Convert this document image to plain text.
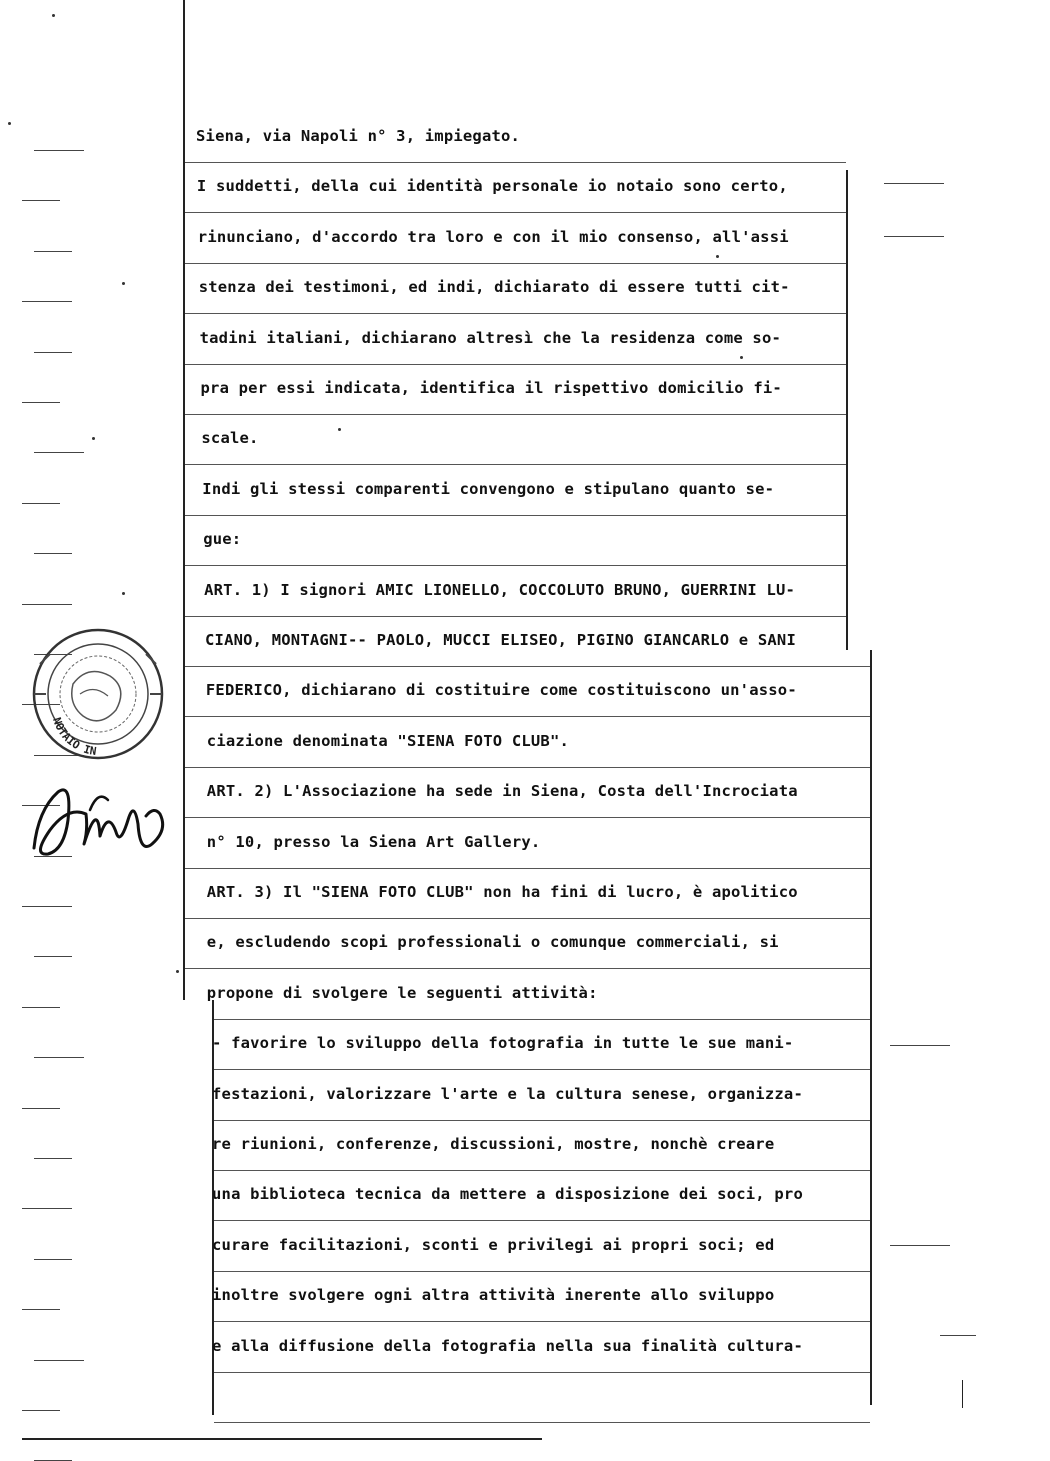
Siena, via Napoli n° 3, impiegato.

I suddetti, della cui identità personale io notaio sono certo,

rinunciano, d'accordo tra loro e con il mio consenso, all'assi

stenza dei testimoni, ed indi, dichiarato di essere tutti cit-

tadini italiani, dichiarano altresì che la residenza come so-

pra per essi indicata, identifica il rispettivo domicilio fi-

scale.

Indi gli stessi comparenti convengono e stipulano quanto se-

gue:

ART. 1) I signori AMIC LIONELLO, COCCOLUTO BRUNO, GUERRINI LU-

CIANO, MONTAGNI-- PAOLO, MUCCI ELISEO, PIGINO GIANCARLO e SANI

FEDERICO, dichiarano di costituire come costituiscono un'asso-

ciazione denominata "SIENA FOTO CLUB".

ART. 2) L'Associazione ha sede in Siena, Costa dell'Incrociata

n° 10, presso la Siena Art Gallery.

ART. 3) Il "SIENA FOTO CLUB" non ha fini di lucro, è apolitico

e, escludendo scopi professionali o comunque commerciali, si

propone di svolgere le seguenti attività:

- favorire lo sviluppo della fotografia in tutte le sue mani-

festazioni, valorizzare l'arte e la cultura senese, organizza-

re riunioni, conferenze, discussioni, mostre, nonchè creare

una biblioteca tecnica da mettere a disposizione dei soci, pro

curare facilitazioni, sconti e privilegi ai propri soci; ed

inoltre svolgere ogni altra attività inerente allo sviluppo

e alla diffusione della fotografia nella sua finalità cultura-

NOTAIO IN
